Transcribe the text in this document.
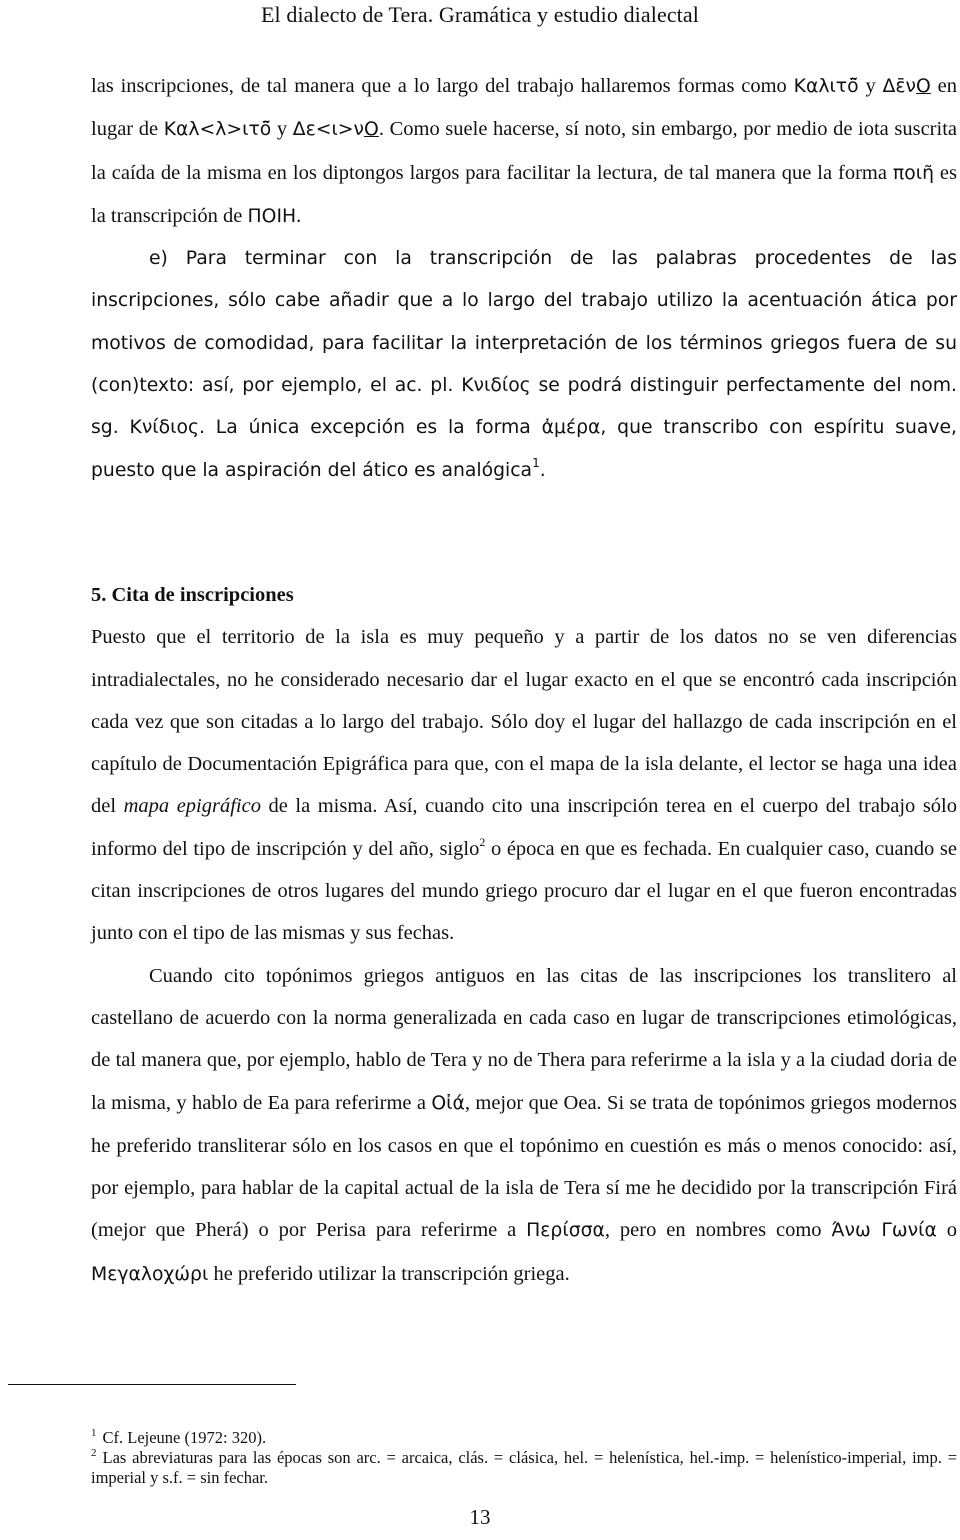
El dialecto de Tera. Gramática y estudio dialectal

las inscripciones, de tal manera que a lo largo del trabajo hallaremos formas como Καλιτō̃ y Δε̄νΟ en lugar de Καλ<λ>ιτō̃ y Δε<ι>νΟ. Como suele hacerse, sí noto, sin embargo, por medio de iota suscrita la caída de la misma en los diptongos largos para facilitar la lectura, de tal manera que la forma ποιῆ es la transcripción de ΠΟΙΗ.

e) Para terminar con la transcripción de las palabras procedentes de las inscripciones, sólo cabe añadir que a lo largo del trabajo utilizo la acentuación ática por motivos de comodidad, para facilitar la interpretación de los términos griegos fuera de su (con)texto: así, por ejemplo, el ac. pl. Κνιδίος se podrá distinguir perfectamente del nom. sg. Κνίδιος. La única excepción es la forma ἀμέρα, que transcribo con espíritu suave, puesto que la aspiración del ático es analógica$^1$.

5. Cita de inscripciones

Puesto que el territorio de la isla es muy pequeño y a partir de los datos no se ven diferencias intradialectales, no he considerado necesario dar el lugar exacto en el que se encontró cada inscripción cada vez que son citadas a lo largo del trabajo. Sólo doy el lugar del hallazgo de cada inscripción en el capítulo de Documentación Epigráfica para que, con el mapa de la isla delante, el lector se haga una idea del mapa epigráfico de la misma. Así, cuando cito una inscripción terea en el cuerpo del trabajo sólo informo del tipo de inscripción y del año, siglo$^2$ o época en que es fechada. En cualquier caso, cuando se citan inscripciones de otros lugares del mundo griego procuro dar el lugar en el que fueron encontradas junto con el tipo de las mismas y sus fechas.

Cuando cito topónimos griegos antiguos en las citas de las inscripciones los translitero al castellano de acuerdo con la norma generalizada en cada caso en lugar de transcripciones etimológicas, de tal manera que, por ejemplo, hablo de Tera y no de Thera para referirme a la isla y a la ciudad doria de la misma, y hablo de Ea para referirme a Οἰά, mejor que Oea. Si se trata de topónimos griegos modernos he preferido transliterar sólo en los casos en que el topónimo en cuestión es más o menos conocido: así, por ejemplo, para hablar de la capital actual de la isla de Tera sí me he decidido por la transcripción Firá (mejor que Pherá) o por Perisa para referirme a Περίσσα, pero en nombres como Άνω Γωνία o Μεγαλοχώρι he preferido utilizar la transcripción griega.

$^1$ Cf. Lejeune (1972: 320).

$^2$ Las abreviaturas para las épocas son arc. = arcaica, clás. = clásica, hel. = helenística, hel.-imp. = helenístico-imperial, imp. = imperial y s.f. = sin fechar.

13
